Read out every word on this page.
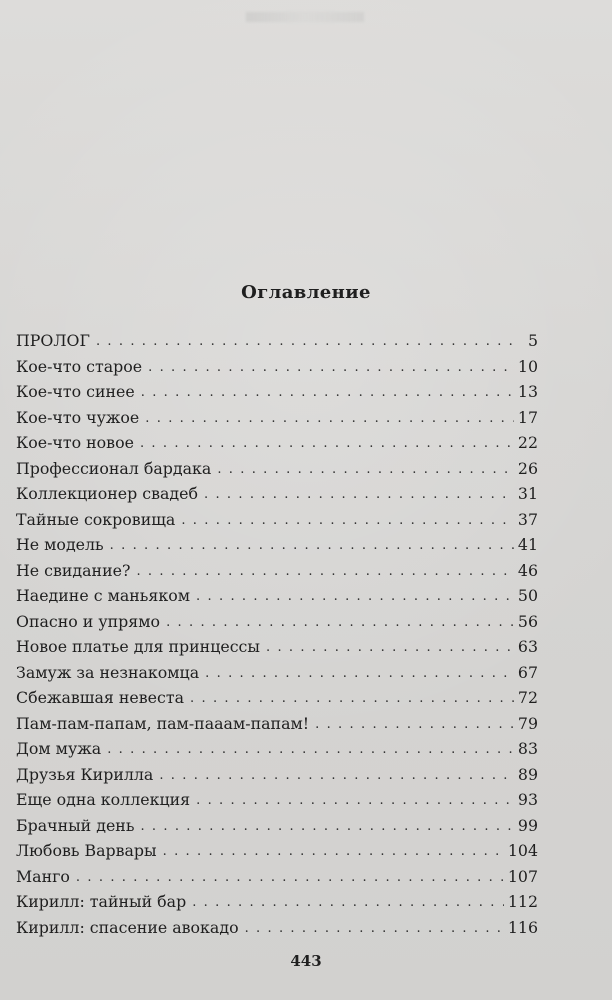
Оглавление
ПРОЛОГ . . .	5
Кое-что старое . . .	10
Кое-что синее . . .	13
Кое-что чужое . . .	17
Кое-что новое . . .	22
Профессионал бардака . . .	26
Коллекционер свадеб . . .	31
Тайные сокровища . . .	37
Не модель . . .	41
Не свидание? . . .	46
Наедине с маньяком . . .	50
Опасно и упрямо . . .	56
Новое платье для принцессы . . .	63
Замуж за незнакомца . . .	67
Сбежавшая невеста . . .	72
Пам-пам-папам, пам-пааам-папам! . . .	79
Дом мужа . . .	83
Друзья Кирилла . . .	89
Еще одна коллекция . . .	93
Брачный день . . .	99
Любовь Варвары . . .	104
Манго . . .	107
Кирилл: тайный бар . . .	112
Кирилл: спасение авокадо . . .	116
443
